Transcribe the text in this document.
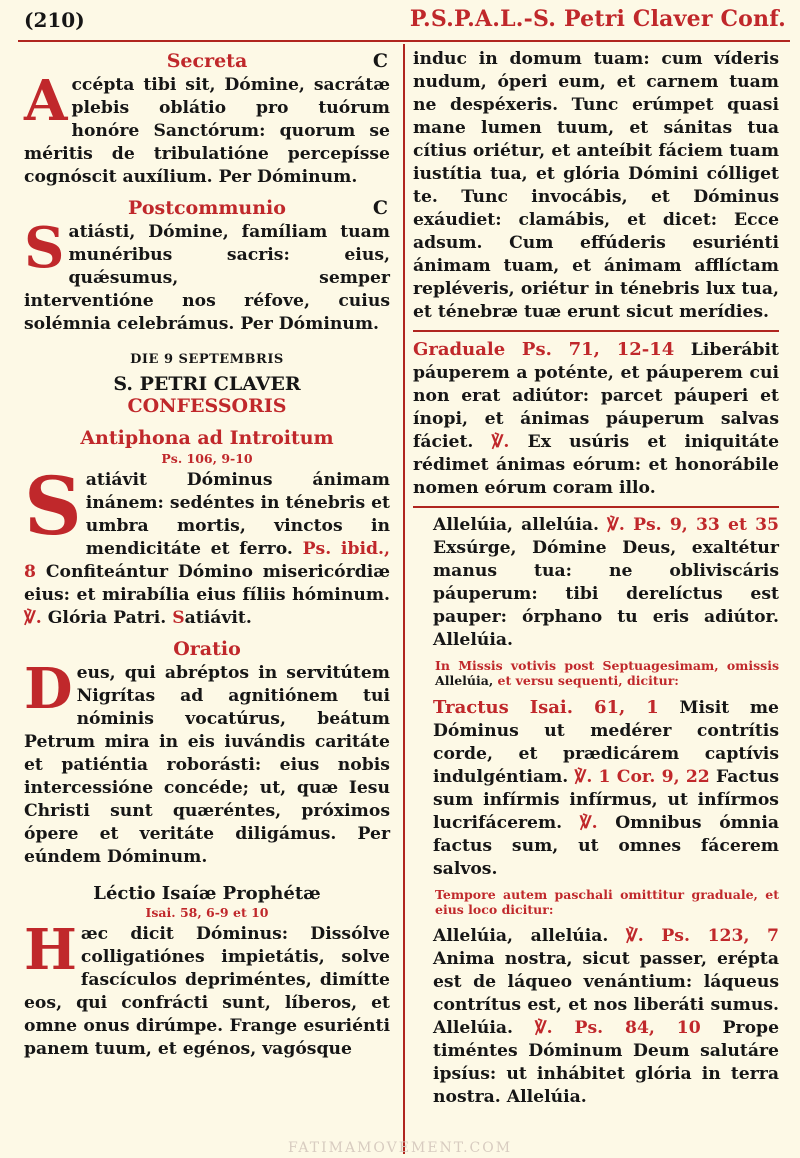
(210)	P.S.P.A.L.-S. Petri Claver Conf.
Secreta	C

Accépta tibi sit, Dómine, sacrátæ plebis oblátio pro tuórum honóre Sanctórum: quorum se méritis de tribulatióne percepísse cognóscit auxílium. Per Dóminum.

Postcommunio	C

Satiásti, Dómine, famíliam tuam munéribus sacris: eius, quǽsumus, semper interventióne nos réfove, cuius solémnia celebrámus. Per Dóminum.

DIE 9 SEPTEMBRIS
S. PETRI CLAVER
CONFESSORIS
Antiphona ad Introitum
Ps. 106, 9-10

Satiávit Dóminus ánimam inánem: sedéntes in ténebris et umbra mortis, vinctos in mendicitáte et ferro. Ps. ibid., 8 Confiteántur Dómino misericórdiæ eius: et mirabília eius fíliis hóminum. ℣. Glória Patri. Satiávit.

Oratio

Deus, qui abréptos in servitútem Nigrítas ad agnitiónem tui nóminis vocatúrus, beátum Petrum mira in eis iuvándis caritáte et patiéntia roborásti: eius nobis intercessióne concéde; ut, quæ Iesu Christi sunt quæréntes, próximos ópere et veritáte diligámus. Per eúndem Dóminum.

Léctio Isaíæ Prophétæ
Isai. 58, 6-9 et 10

Hæc dicit Dóminus: Dissólve colligatiónes impietátis, solve fascículos depriméntes, dimítte eos, qui confrácti sunt, líberos, et omne onus dirúmpe. Frange esuriénti panem tuum, et egénos, vagósque

induc in domum tuam: cum víderis nudum, óperi eum, et carnem tuam ne despéxeris. Tunc erúmpet quasi mane lumen tuum, et sánitas tua cítius oriétur, et anteíbit fáciem tuam iustítia tua, et glória Dómini cólliget te. Tunc invocábis, et Dóminus exáudiet: clamábis, et dicet: Ecce adsum. Cum effúderis esuriénti ánimam tuam, et ánimam afflíctam repléveris, oriétur in ténebris lux tua, et ténebræ tuæ erunt sicut merídies.

Graduale Ps. 71, 12-14 Liberábit páuperem a poténte, et páuperem cui non erat adiútor: parcet páuperi et ínopi, et ánimas páuperum salvas fáciet. ℣. Ex usúris et iniquitáte rédimet ánimas eórum: et honorábile nomen eórum coram illo.

Allelúia, allelúia. ℣. Ps. 9, 33 et 35 Exsúrge, Dómine Deus, exaltétur manus tua: ne obliviscáris páuperum: tibi derelíctus est pauper: órphano tu eris adiútor. Allelúia.

In Missis votivis post Septuagesimam, omissis Allelúia, et versu sequenti, dicitur:

Tractus Isai. 61, 1 Misit me Dóminus ut medérer contrítis corde, et prædicárem captívis indulgéntiam. ℣. 1 Cor. 9, 22 Factus sum infírmis infírmus, ut infírmos lucrifácerem. ℣. Omnibus ómnia factus sum, ut omnes fácerem salvos.

Tempore autem paschali omittitur graduale, et eius loco dicitur:

Allelúia, allelúia. ℣. Ps. 123, 7 Anima nostra, sicut passer, erépta est de láqueo venántium: láqueus contrítus est, et nos liberáti sumus. Allelúia. ℣. Ps. 84, 10 Prope timéntes Dóminum Deum salutáre ipsíus: ut inhábitet glória in terra nostra. Allelúia.

FATIMAMOVEMENT.COM
